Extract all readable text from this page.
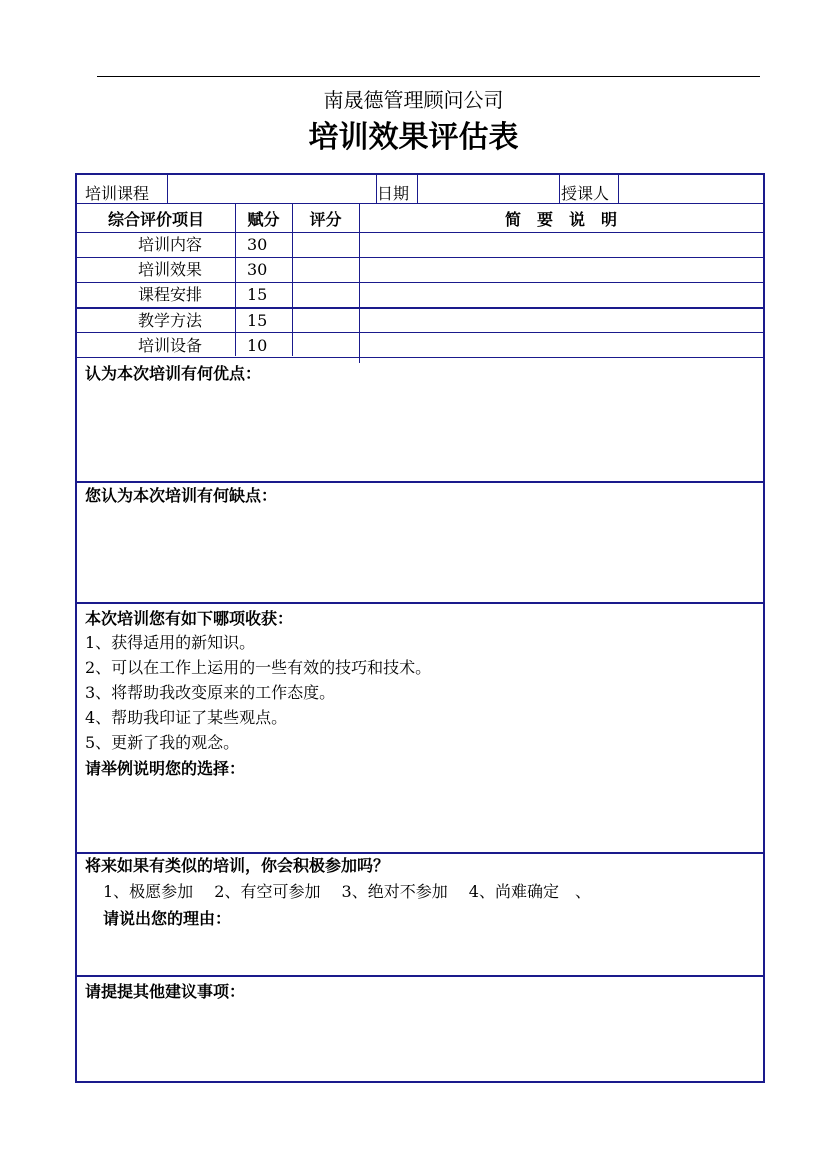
南晟德管理顾问公司
培训效果评估表
培训课程	日期	授课人
综合评价项目	赋分	评分	简　要　说　明
培训内容	30
培训效果	30
课程安排	15
教学方法	15
培训设备	10
认为本次培训有何优点：
您认为本次培训有何缺点：
本次培训您有如下哪项收获：
1、获得适用的新知识。
2、可以在工作上运用的一些有效的技巧和技术。
3、将帮助我改变原来的工作态度。
4、帮助我印证了某些观点。
5、更新了我的观念。
请举例说明您的选择：
将来如果有类似的培训，你会积极参加吗？
1、极愿参加　 2、有空可参加　 3、绝对不参加　 4、尚难确定　、
请说出您的理由：
请提提其他建议事项：
